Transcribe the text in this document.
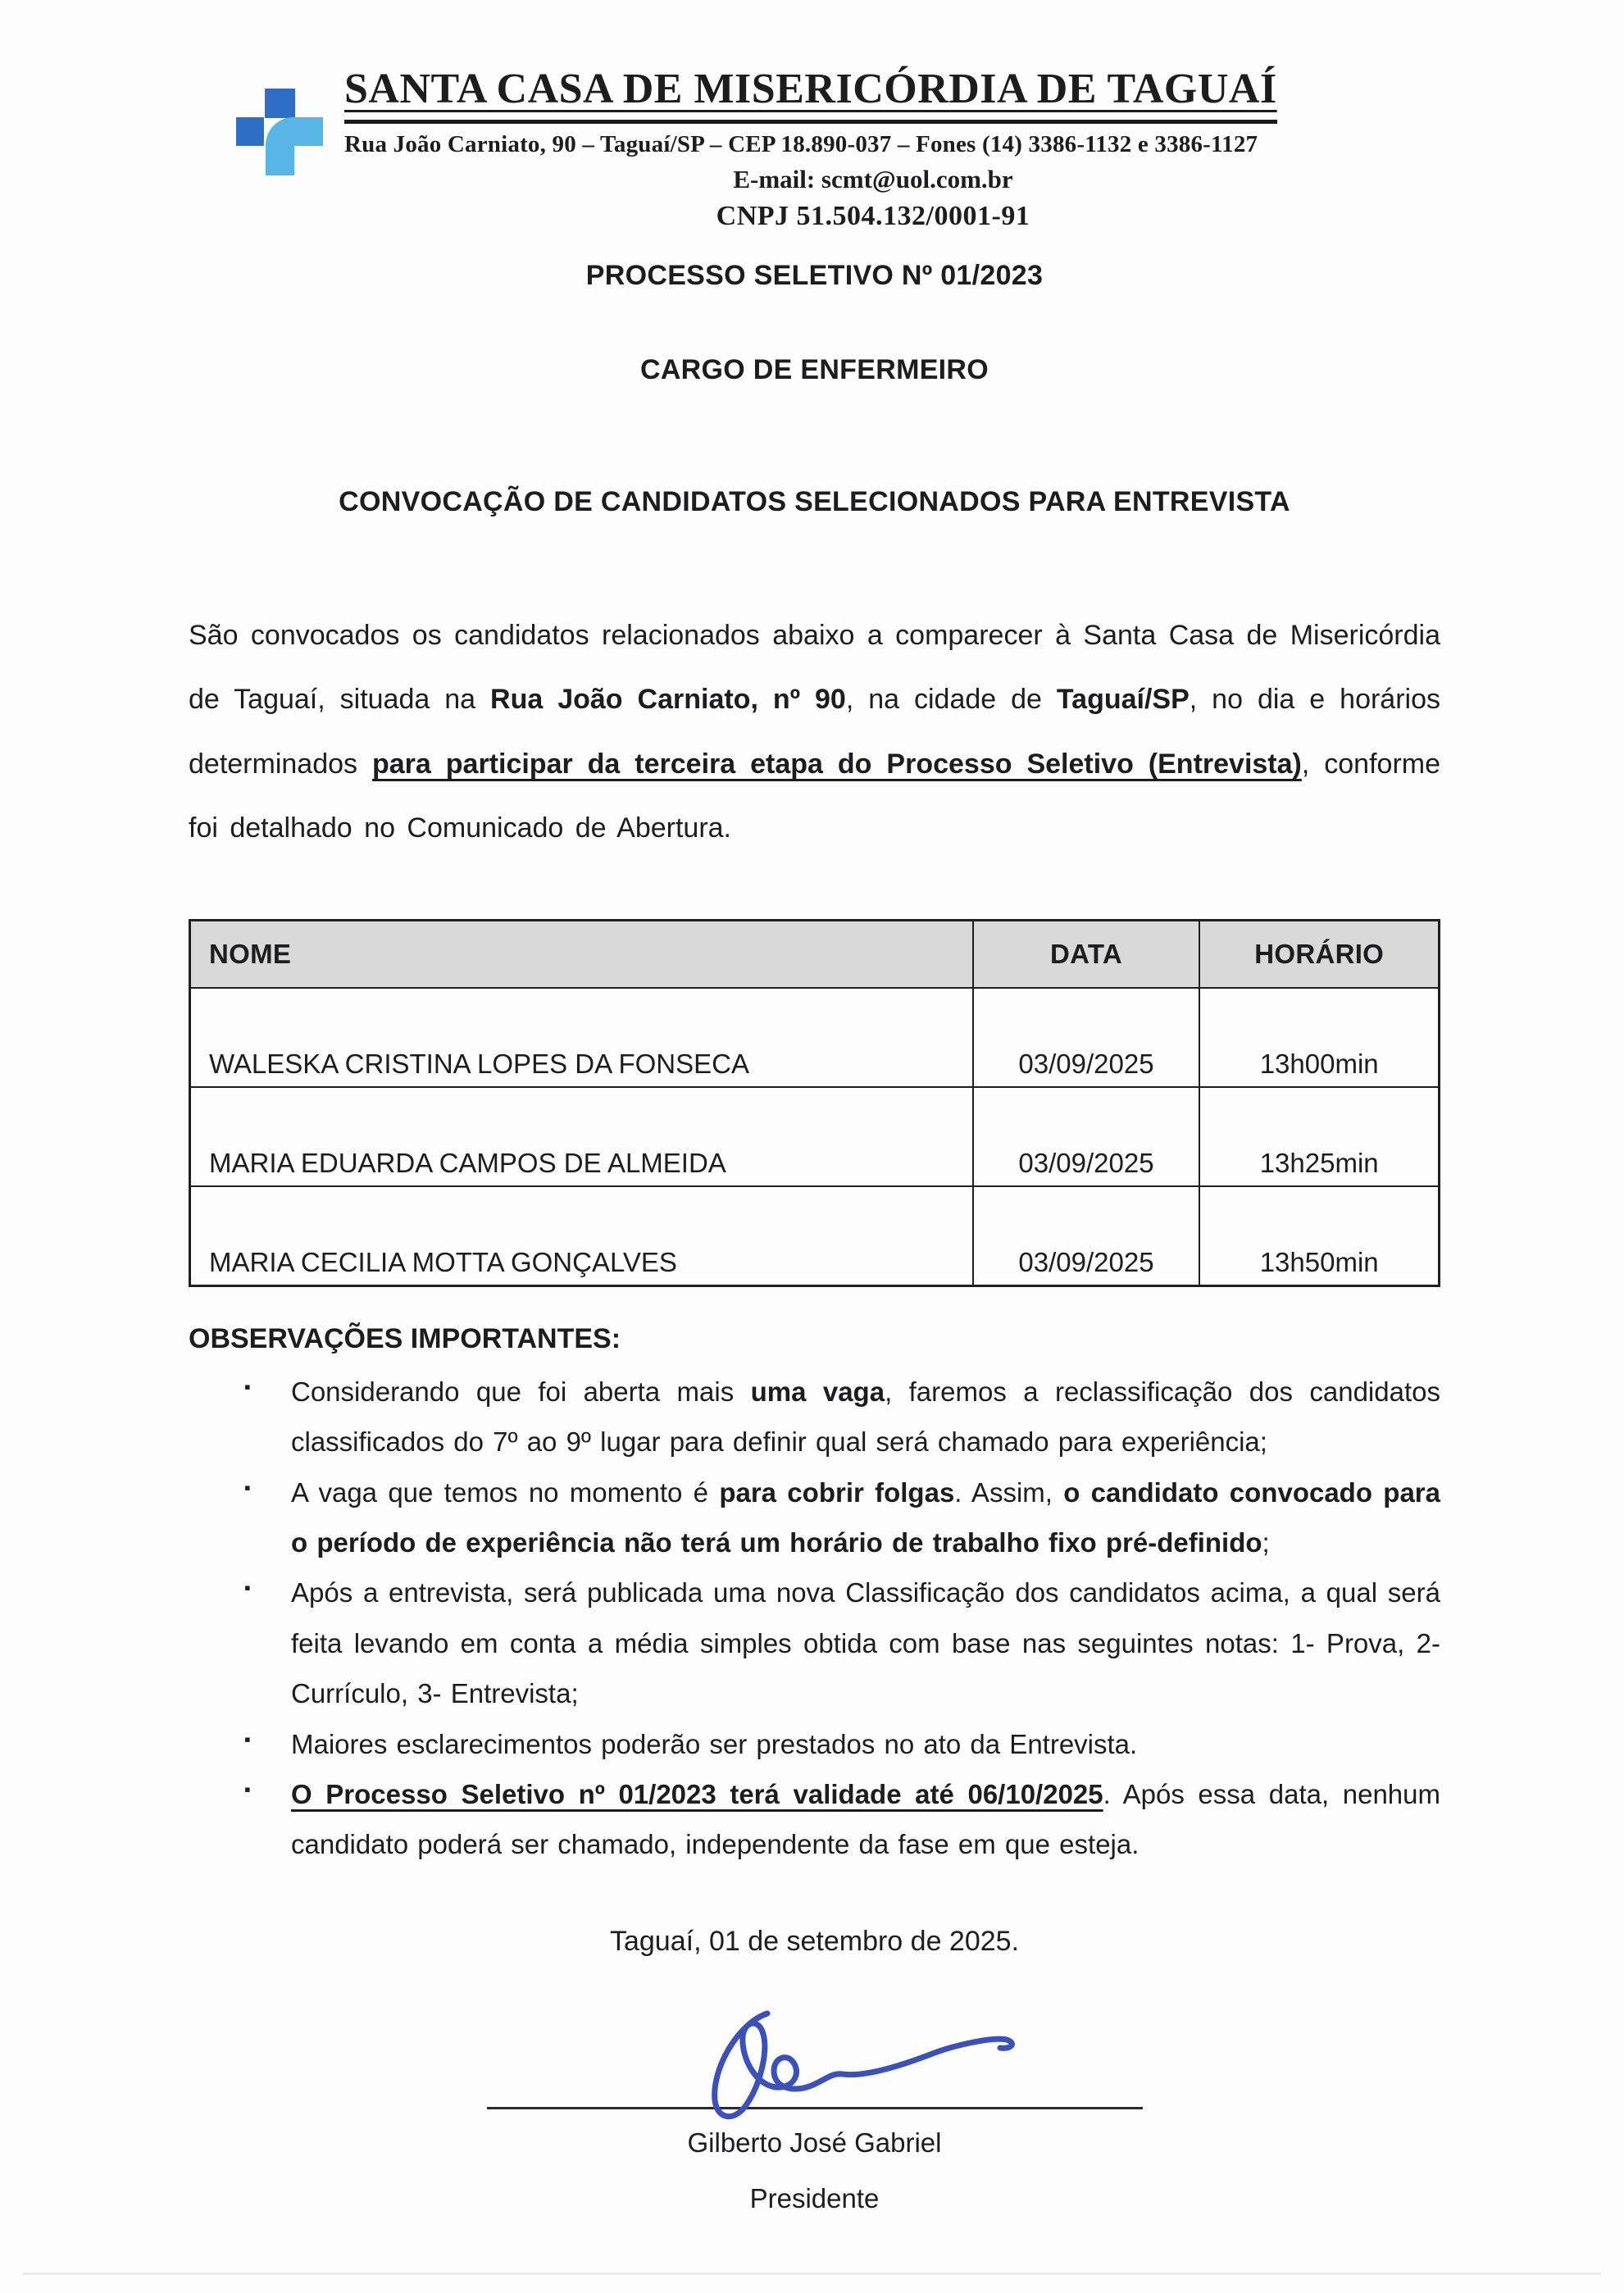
SANTA CASA DE MISERICÓRDIA DE TAGUAÍ
Rua João Carniato, 90 – Taguaí/SP – CEP 18.890-037 – Fones (14) 3386-1132 e 3386-1127
E-mail: scmt@uol.com.br
CNPJ 51.504.132/0001-91
PROCESSO SELETIVO Nº 01/2023
CARGO DE ENFERMEIRO
CONVOCAÇÃO DE CANDIDATOS SELECIONADOS PARA ENTREVISTA
São convocados os candidatos relacionados abaixo a comparecer à Santa Casa de Misericórdia de Taguaí, situada na Rua João Carniato, nº 90, na cidade de Taguaí/SP, no dia e horários determinados para participar da terceira etapa do Processo Seletivo (Entrevista), conforme foi detalhado no Comunicado de Abertura.
NOME	DATA	HORÁRIO
WALESKA CRISTINA LOPES DA FONSECA	03/09/2025	13h00min
MARIA EDUARDA CAMPOS DE ALMEIDA	03/09/2025	13h25min
MARIA CECILIA MOTTA GONÇALVES	03/09/2025	13h50min
OBSERVAÇÕES IMPORTANTES:
▪ Considerando que foi aberta mais uma vaga, faremos a reclassificação dos candidatos classificados do 7º ao 9º lugar para definir qual será chamado para experiência;
▪ A vaga que temos no momento é para cobrir folgas. Assim, o candidato convocado para o período de experiência não terá um horário de trabalho fixo pré-definido;
▪ Após a entrevista, será publicada uma nova Classificação dos candidatos acima, a qual será feita levando em conta a média simples obtida com base nas seguintes notas: 1- Prova, 2- Currículo, 3- Entrevista;
▪ Maiores esclarecimentos poderão ser prestados no ato da Entrevista.
▪ O Processo Seletivo nº 01/2023 terá validade até 06/10/2025. Após essa data, nenhum candidato poderá ser chamado, independente da fase em que esteja.
Taguaí, 01 de setembro de 2025.
Gilberto José Gabriel
Presidente
